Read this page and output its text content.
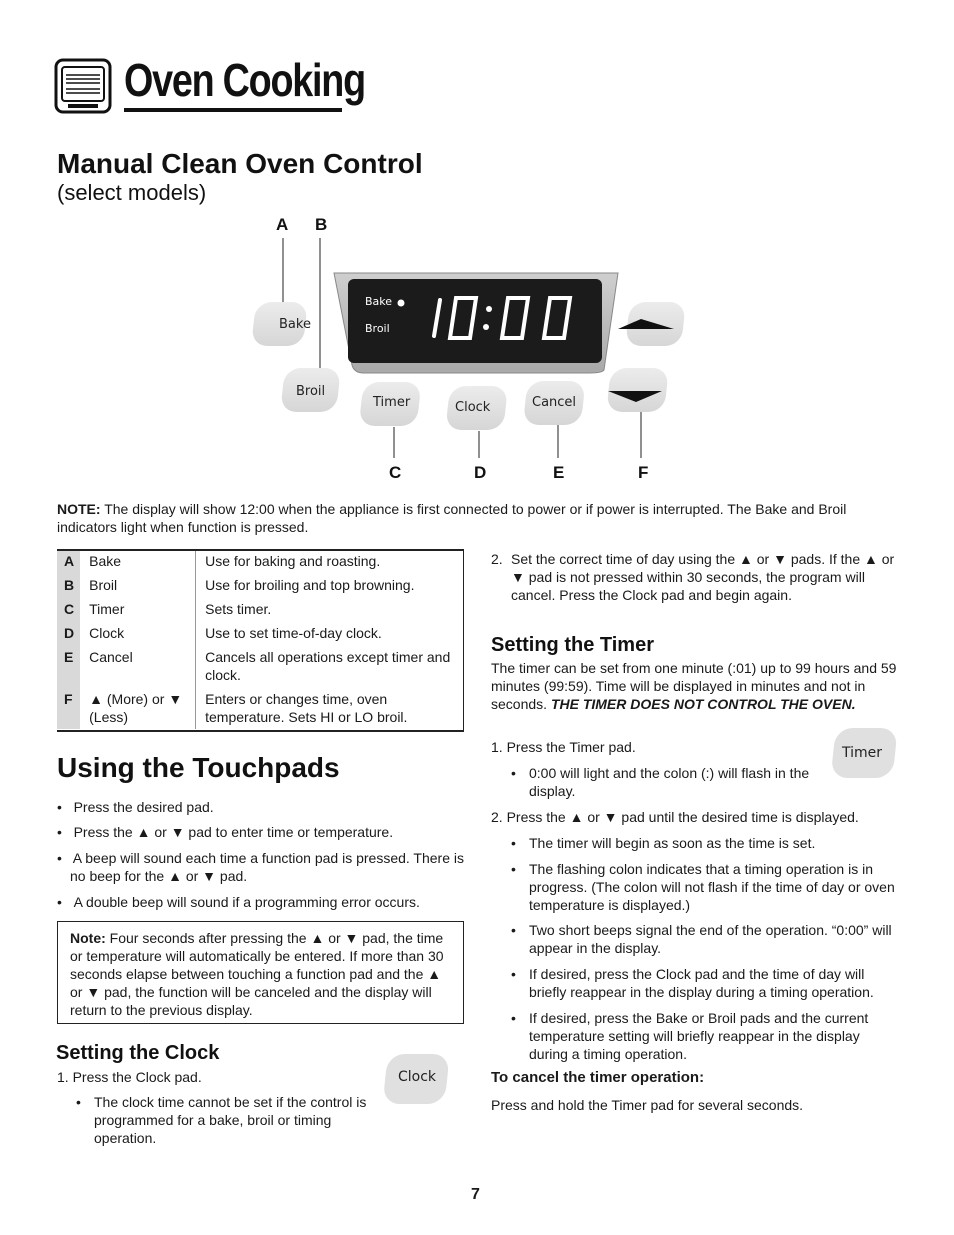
Oven Cooking
Manual Clean Oven Control
(select models)
A B
C	D	E	F
Bake
Broil
Bake
Broil
Timer	Clock	Cancel
NOTE: The display will show 12:00 when the appliance is first connected to power or if power is interrupted. The Bake and Broil indicators light when function is pressed.
A	Bake	Use for baking and roasting.
B	Broil	Use for broiling and top browning.
C	Timer	Sets timer.
D	Clock	Use to set time-of-day clock.
E	Cancel	Cancels all operations except timer and clock.
F	▲ (More) or ▼ (Less)	Enters or changes time, oven temperature. Sets HI or LO broil.
Using the Touchpads
•   Press the desired pad.
•   Press the ▲ or ▼ pad to enter time or temperature.
•   A beep will sound each time a function pad is pressed. There is no beep for the ▲ or ▼ pad.
•   A double beep will sound if a programming error occurs.
Note: Four seconds after pressing the ▲ or ▼ pad, the time or temperature will automatically be entered. If more than 30 seconds elapse between touching a function pad and the ▲ or ▼ pad, the function will be canceled and the display will return to the previous display.
Setting the Clock
1. Press the Clock pad.
• The clock time cannot be set if the control is programmed for a bake, broil or timing operation.
Clock
2. Set the correct time of day using the ▲ or ▼ pads. If the ▲ or ▼ pad is not pressed within 30 seconds, the program will cancel. Press the Clock pad and begin again.
Setting the Timer
The timer can be set from one minute (:01) up to 99 hours and 59 minutes (99:59). Time will be displayed in minutes and not in seconds. THE TIMER DOES NOT CONTROL THE OVEN.
1. Press the Timer pad.	Timer
• 0:00 will light and the colon (:) will flash in the display.
2. Press the ▲ or ▼ pad until the desired time is displayed.
• The timer will begin as soon as the time is set.
• The flashing colon indicates that a timing operation is in progress. (The colon will not flash if the time of day or oven temperature is displayed.)
• Two short beeps signal the end of the operation. “0:00” will appear in the display.
• If desired, press the Clock pad and the time of day will briefly reappear in the display during a timing operation.
• If desired, press the Bake or Broil pads and the current temperature setting will briefly reappear in the display during a timing operation.
To cancel the timer operation:
Press and hold the Timer pad for several seconds.
7
